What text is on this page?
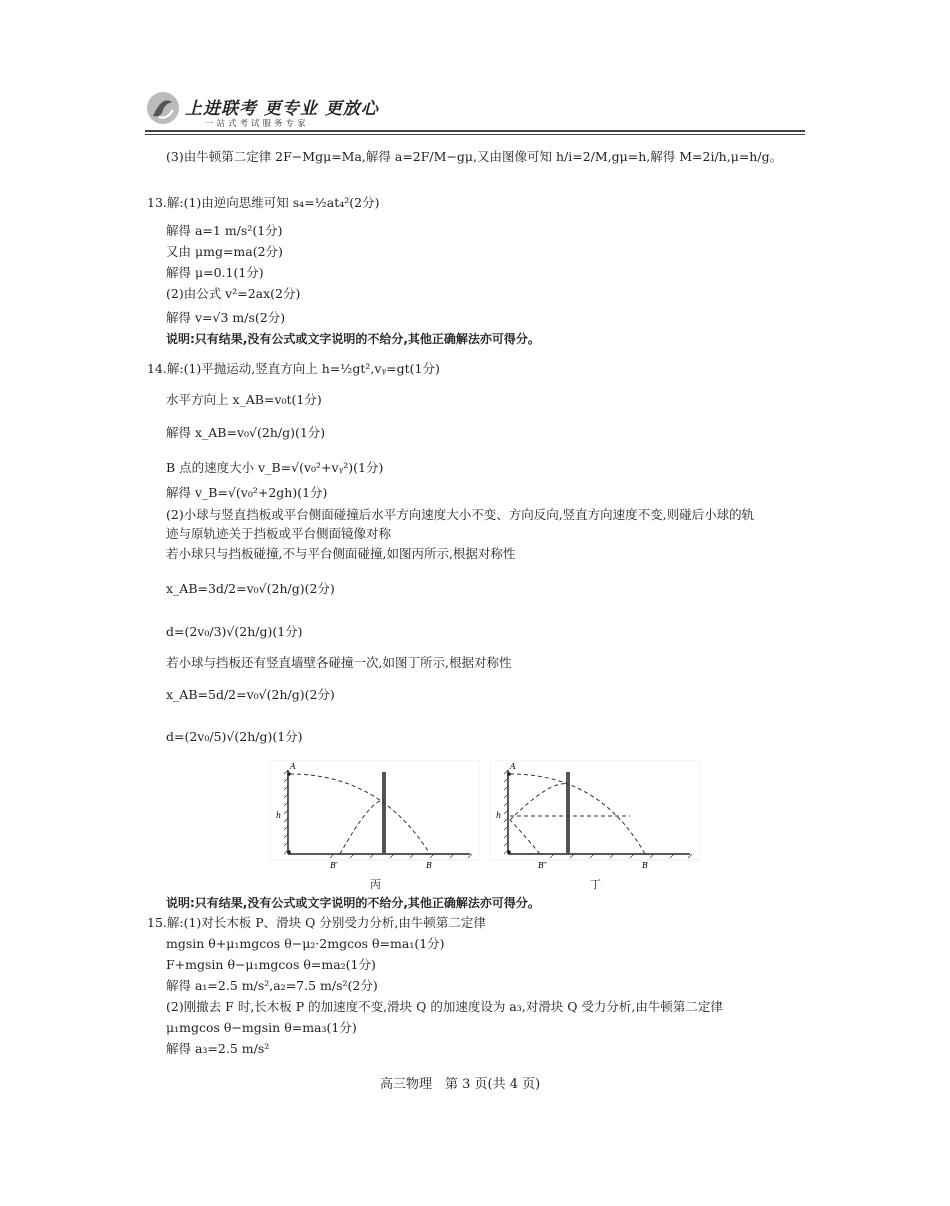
上进联考 更专业 更放心
一站式考试服务专家
(3)由牛顿第二定律 2F−Mgμ=Ma,解得 a=2F/M−gμ,又由图像可知 h/i=2/M,gμ=h,解得 M=2i/h,μ=h/g。
13.解:(1)由逆向思维可知 s₄=½at₄²(2分)
解得 a=1 m/s²(1分)
又由 μmg=ma(2分)
解得 μ=0.1(1分)
(2)由公式 v²=2ax(2分)
解得 v=√3 m/s(2分)
说明:只有结果,没有公式或文字说明的不给分,其他正确解法亦可得分。
14.解:(1)平抛运动,竖直方向上 h=½gt²,vᵧ=gt(1分)
水平方向上 x_AB=v₀t(1分)
解得 x_AB=v₀√(2h/g)(1分)
B 点的速度大小 v_B=√(v₀²+vᵧ²)(1分)
解得 v_B=√(v₀²+2gh)(1分)
(2)小球与竖直挡板或平台侧面碰撞后水平方向速度大小不变、方向反向,竖直方向速度不变,则碰后小球的轨
迹与原轨迹关于挡板或平台侧面镜像对称
若小球只与挡板碰撞,不与平台侧面碰撞,如图丙所示,根据对称性
x_AB=3d/2=v₀√(2h/g)(2分)
d=(2v₀/3)√(2h/g)(1分)
若小球与挡板还有竖直墙壁各碰撞一次,如图丁所示,根据对称性
x_AB=5d/2=v₀√(2h/g)(2分)
d=(2v₀/5)√(2h/g)(1分)
A
h
B′	B
丙
A
h
B″	B
丁
说明:只有结果,没有公式或文字说明的不给分,其他正确解法亦可得分。
15.解:(1)对长木板 P、滑块 Q 分别受力分析,由牛顿第二定律
mgsin θ+μ₁mgcos θ−μ₂·2mgcos θ=ma₁(1分)
F+mgsin θ−μ₁mgcos θ=ma₂(1分)
解得 a₁=2.5 m/s²,a₂=7.5 m/s²(2分)
(2)刚撤去 F 时,长木板 P 的加速度不变,滑块 Q 的加速度设为 a₃,对滑块 Q 受力分析,由牛顿第二定律
μ₁mgcos θ−mgsin θ=ma₃(1分)
解得 a₃=2.5 m/s²
高三物理　第 3 页(共 4 页)
